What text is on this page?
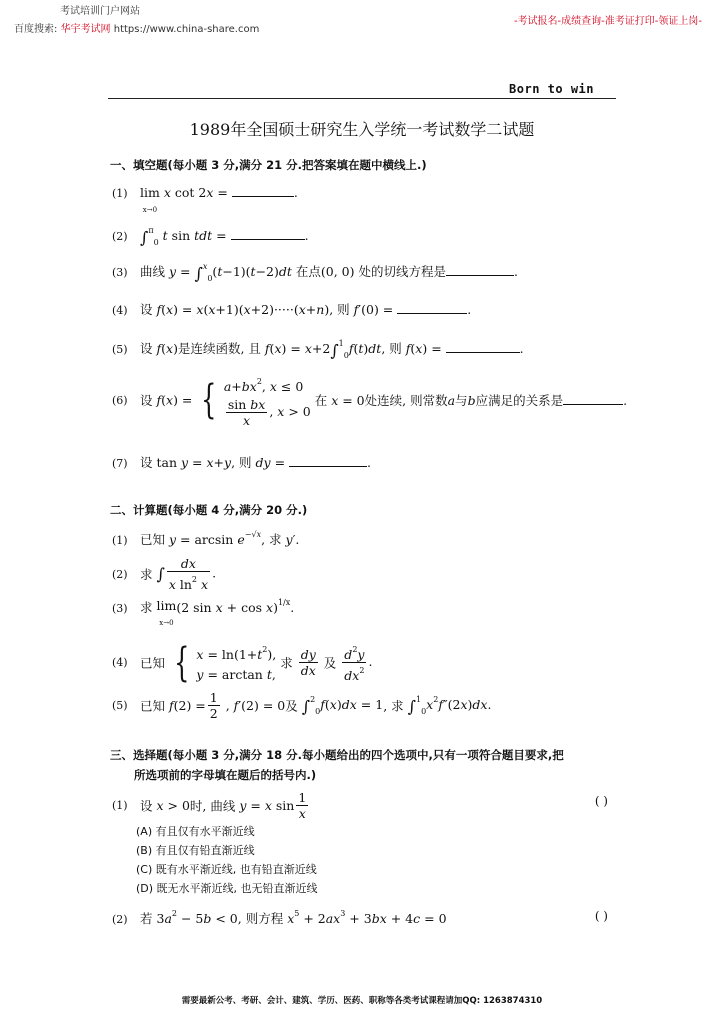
考试培训门户网站
百度搜索: 华宇考试网 https://www.china-share.com
-考试报名-成绩查询-准考证打印-领证上岗-
Born to win
1989年全国硕士研究生入学统一考试数学二试题
一、填空题(每小题 3 分,满分 21 分.把答案填在题中横线上.)
(1) lim
x→0 x cot 2x =	.
(2) ∫$^\pi_0$ t sin tdt =	.
(3) 曲线 y = ∫$^x_0$(t−1)(t−2)dt 在点(0, 0) 处的切线方程是	.
(4) 设 f(x) = x(x+1)(x+2)·····(x+n), 则 f′(0) =	.
(5) 设 f(x)是连续函数, 且 f(x) = x+2∫$^1_0$f(t)dt, 则 f(x) =	.
(6) 设 f(x) = { $a+bx^2$, x ≤ 0
$\frac{\text{sin bx}}{x}$ , x > 0
在 x = 0处连续, 则常数a与b应满足的关系是	.
(7) 设 tan y = x+y, 则 dy =	.
二、计算题(每小题 4 分,满分 20 分.)
(1) 已知 $y = \arcsin e^{-√x}$, 求 y′.
(2) 求 ∫ $\frac{dx}{x \ln^2 x}$ .
(3) 求 lim
x→0(2 sin x + cos x)$^{1/x}$.
(4) 已知 { $x = \ln(1+t^2)$,
y = arctan t,
求 $\frac{dy}{dx}$ 及 $\frac{d^2y}{dx^2}$ .
(5) 已知 $f(2) = \frac{1}{2}$ , f′(2) = 0及 ∫$^2_0$f(x)dx = 1, 求 $\int^1_0x^2f''(2x)dx$.
三、选择题(每小题 3 分,满分 18 分.每小题给出的四个选项中,只有一项符合题目要求,把
所选项前的字母填在题后的括号内.)
(1) 设 x > 0时, 曲线 y = x $\sin \frac{1}{x}$	( )
(A) 有且仅有水平渐近线
(B) 有且仅有铅直渐近线
(C) 既有水平渐近线, 也有铅直渐近线
(D) 既无水平渐近线, 也无铅直渐近线
(2) 若 $3a^2 - 5b < 0$, 则方程 $x^5 + 2ax^3 + 3bx + 4c = 0$	( )
需要最新公考、考研、会计、建筑、学历、医药、职称等各类考试课程请加QQ: 1263874310
